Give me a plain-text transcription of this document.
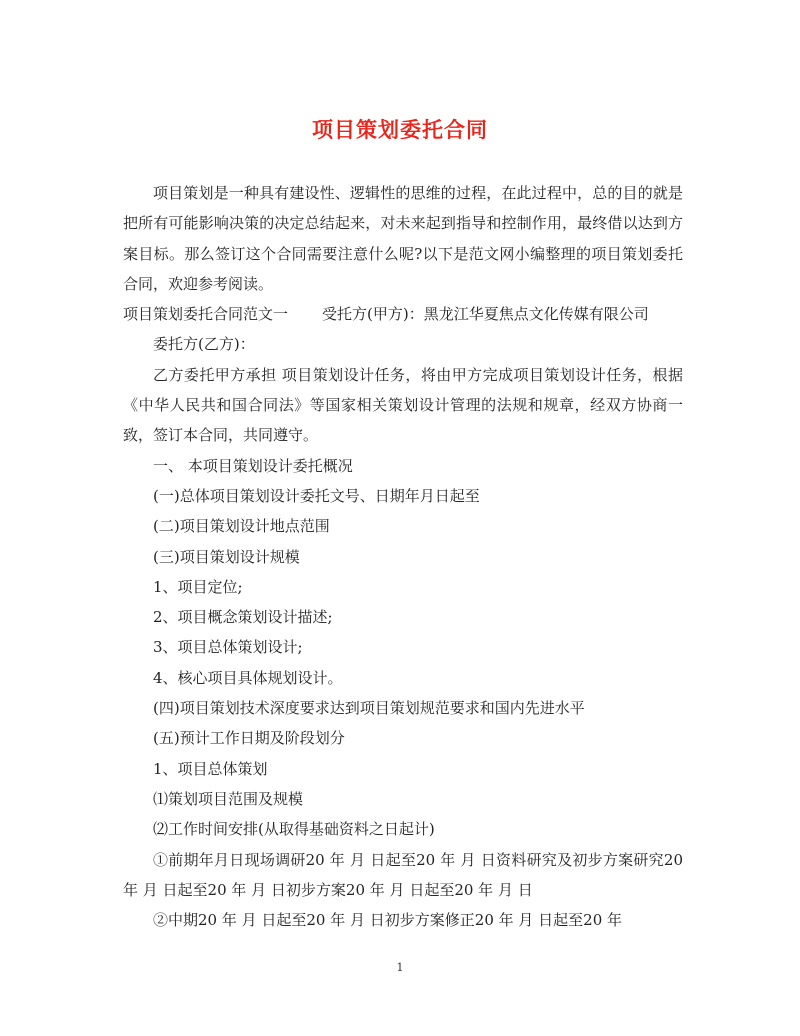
项目策划委托合同

项目策划是一种具有建设性、逻辑性的思维的过程，在此过程中，总的目的就是把所有可能影响决策的决定总结起来，对未来起到指导和控制作用，最终借以达到方案目标。那么签订这个合同需要注意什么呢?以下是范文网小编整理的项目策划委托合同，欢迎参考阅读。

项目策划委托合同范文一 受托方(甲方)：黑龙江华夏焦点文化传媒有限公司

委托方(乙方)：

乙方委托甲方承担 项目策划设计任务，将由甲方完成项目策划设计任务，根据《中华人民共和国合同法》等国家相关策划设计管理的法规和规章，经双方协商一致，签订本合同，共同遵守。

一、 本项目策划设计委托概况

(一)总体项目策划设计委托文号、日期年月日起至

(二)项目策划设计地点范围

(三)项目策划设计规模

1、项目定位;

2、项目概念策划设计描述;

3、项目总体策划设计;

4、核心项目具体规划设计。

(四)项目策划技术深度要求达到项目策划规范要求和国内先进水平

(五)预计工作日期及阶段划分

1、项目总体策划

⑴策划项目范围及规模

⑵工作时间安排(从取得基础资料之日起计)

①前期年月日现场调研20 年 月 日起至20 年 月 日资料研究及初步方案研究20 年 月 日起至20 年 月 日初步方案20 年 月 日起至20 年 月 日

②中期20 年 月 日起至20 年 月 日初步方案修正20 年 月 日起至20 年

1
